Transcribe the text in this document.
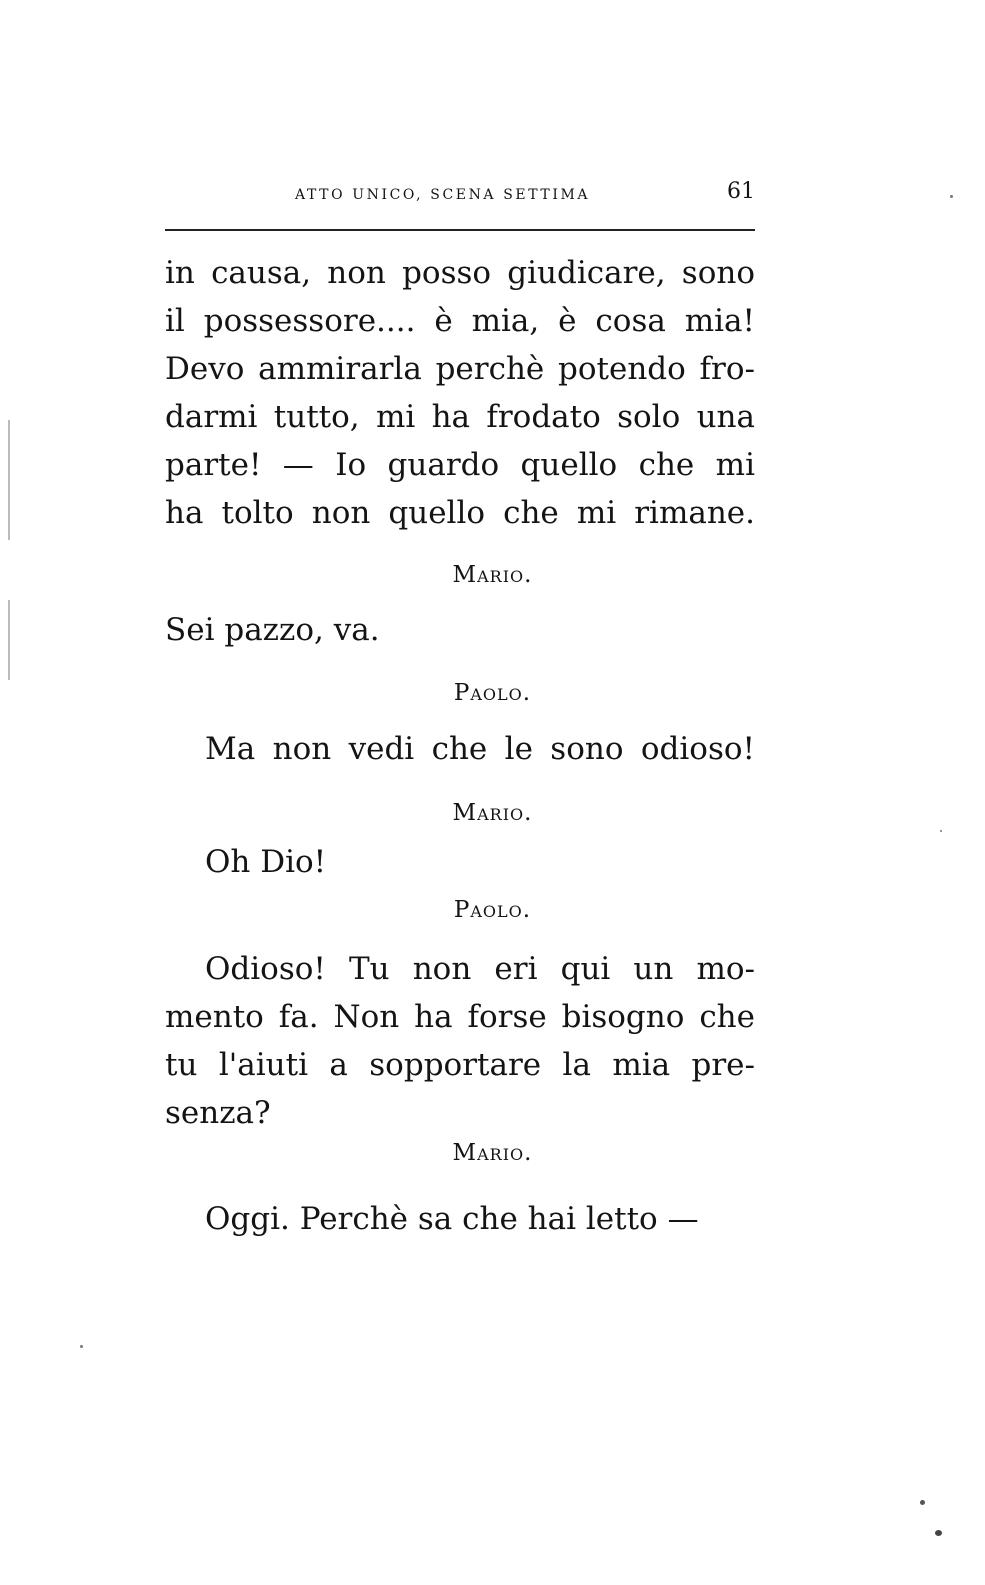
ATTO UNICO, SCENA SETTIMA	61
in causa, non posso giudicare, sono
il possessore.... è mia, è cosa mia!
Devo ammirarla perchè potendo fro-
darmi tutto, mi ha frodato solo una
parte! — Io guardo quello che mi
ha tolto non quello che mi rimane.
Mario.
Sei pazzo, va.
Paolo.
Ma non vedi che le sono odioso!
Mario.
Oh Dio!
Paolo.
Odioso! Tu non eri qui un mo-
mento fa. Non ha forse bisogno che
tu l'aiuti a sopportare la mia pre-
senza?
Mario.
Oggi. Perchè sa che hai letto —
